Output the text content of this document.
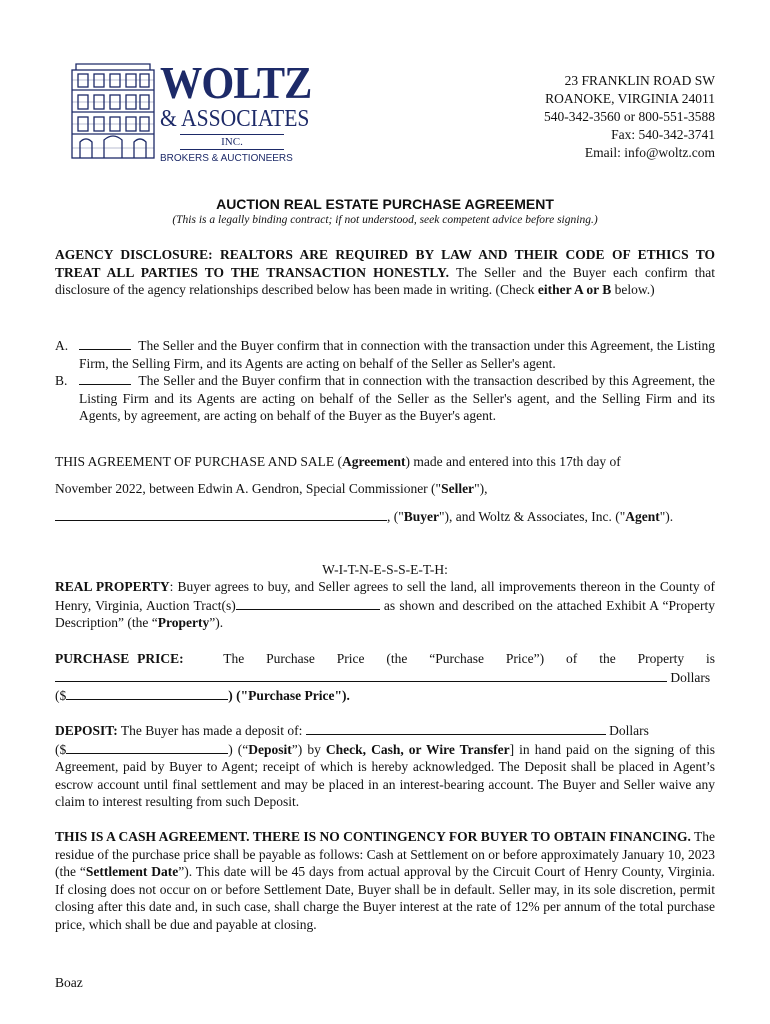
WOLTZ
& ASSOCIATES
INC.
BROKERS & AUCTIONEERS
23 FRANKLIN ROAD SW
ROANOKE, VIRGINIA 24011
540-342-3560 or 800-551-3588
Fax: 540-342-3741
Email: info@woltz.com
AUCTION REAL ESTATE PURCHASE AGREEMENT
(This is a legally binding contract; if not understood, seek competent advice before signing.)
AGENCY DISCLOSURE: REALTORS ARE REQUIRED BY LAW AND THEIR CODE OF ETHICS TO TREAT ALL PARTIES TO THE TRANSACTION HONESTLY. The Seller and the Buyer each confirm that disclosure of the agency relationships described below has been made in writing. (Check either A or B below.)
A.	The Seller and the Buyer confirm that in connection with the transaction under this Agreement, the Listing Firm, the Selling Firm, and its Agents are acting on behalf of the Seller as Seller's agent.
B.	The Seller and the Buyer confirm that in connection with the transaction described by this Agreement, the Listing Firm and its Agents are acting on behalf of the Seller as the Seller's agent, and the Selling Firm and its Agents, by agreement, are acting on behalf of the Buyer as the Buyer's agent.
THIS AGREEMENT OF PURCHASE AND SALE (Agreement) made and entered into this 17th day of
November 2022, between Edwin A. Gendron, Special Commissioner ("Seller"),
, ("Buyer"), and Woltz & Associates, Inc. ("Agent").
W-I-T-N-E-S-S-E-T-H:
REAL PROPERTY: Buyer agrees to buy, and Seller agrees to sell the land, all improvements thereon in the County of Henry, Virginia, Auction Tract(s)	as shown and described on the attached Exhibit A “Property Description” (the “Property”).
PURCHASE PRICE:	The Purchase Price (the “Purchase Price”) of the Property is
Dollars
($	) ("Purchase Price").
DEPOSIT: The Buyer has made a deposit of:	Dollars
($	) (“Deposit”) by Check, Cash, or Wire Transfer] in hand paid on the signing of this Agreement, paid by Buyer to Agent; receipt of which is hereby acknowledged. The Deposit shall be placed in Agent’s escrow account until final settlement and may be placed in an interest-bearing account. The Buyer and Seller waive any claim to interest resulting from such Deposit.
THIS IS A CASH AGREEMENT. THERE IS NO CONTINGENCY FOR BUYER TO OBTAIN FINANCING. The residue of the purchase price shall be payable as follows: Cash at Settlement on or before approximately January 10, 2023 (the “Settlement Date”). This date will be 45 days from actual approval by the Circuit Court of Henry County, Virginia. If closing does not occur on or before Settlement Date, Buyer shall be in default. Seller may, in its sole discretion, permit closing after this date and, in such case, shall charge the Buyer interest at the rate of 12% per annum of the total purchase price, which shall be due and payable at closing.
Boaz
